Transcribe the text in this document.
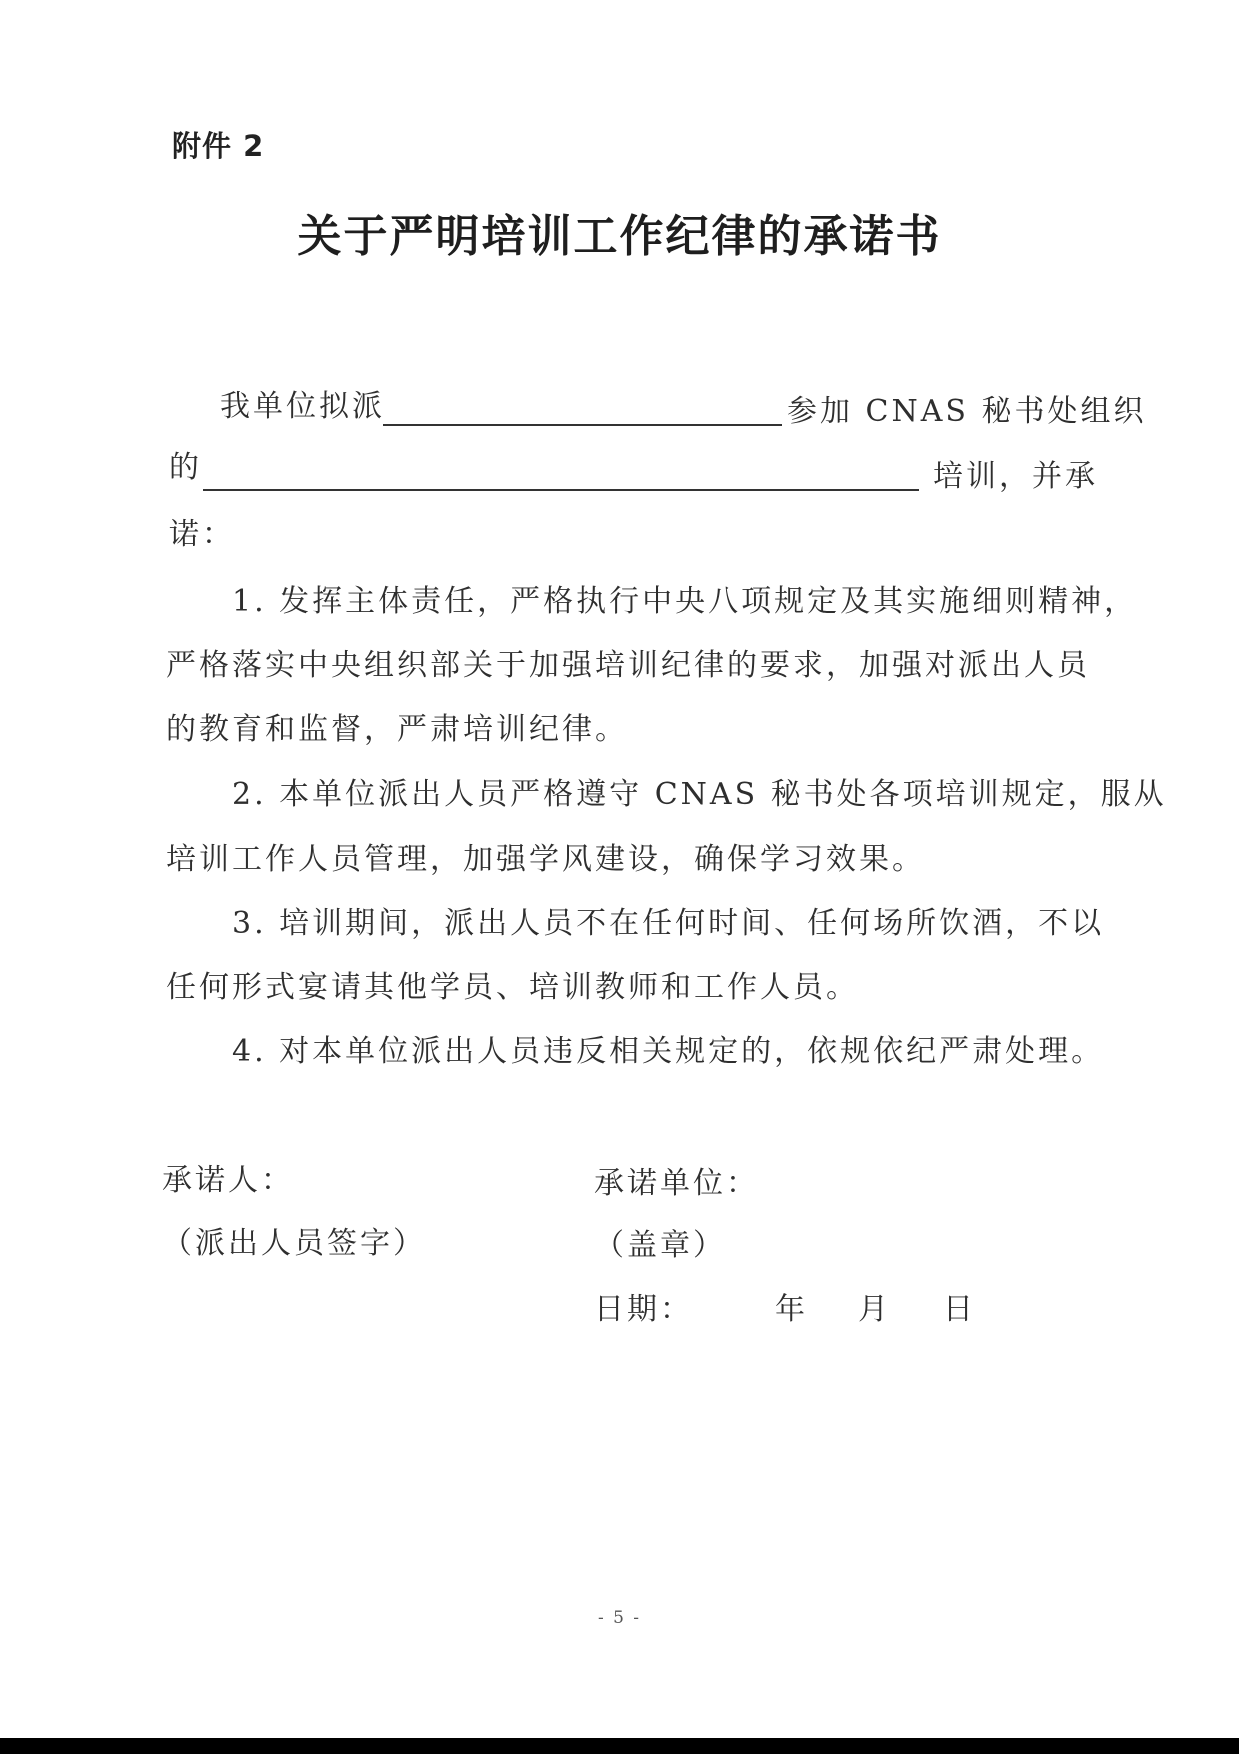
附件 2
关于严明培训工作纪律的承诺书
我单位拟派	参加 CNAS 秘书处组织
的	培训，并承
诺：
1. 发挥主体责任，严格执行中央八项规定及其实施细则精神，
严格落实中央组织部关于加强培训纪律的要求，加强对派出人员
的教育和监督，严肃培训纪律。
2. 本单位派出人员严格遵守 CNAS 秘书处各项培训规定，服从
培训工作人员管理，加强学风建设，确保学习效果。
3. 培训期间，派出人员不在任何时间、任何场所饮酒，不以
任何形式宴请其他学员、培训教师和工作人员。
4. 对本单位派出人员违反相关规定的，依规依纪严肃处理。
承诺人：
（派出人员签字）
承诺单位：
（盖章）
日期：	年 月 日
- 5 -
